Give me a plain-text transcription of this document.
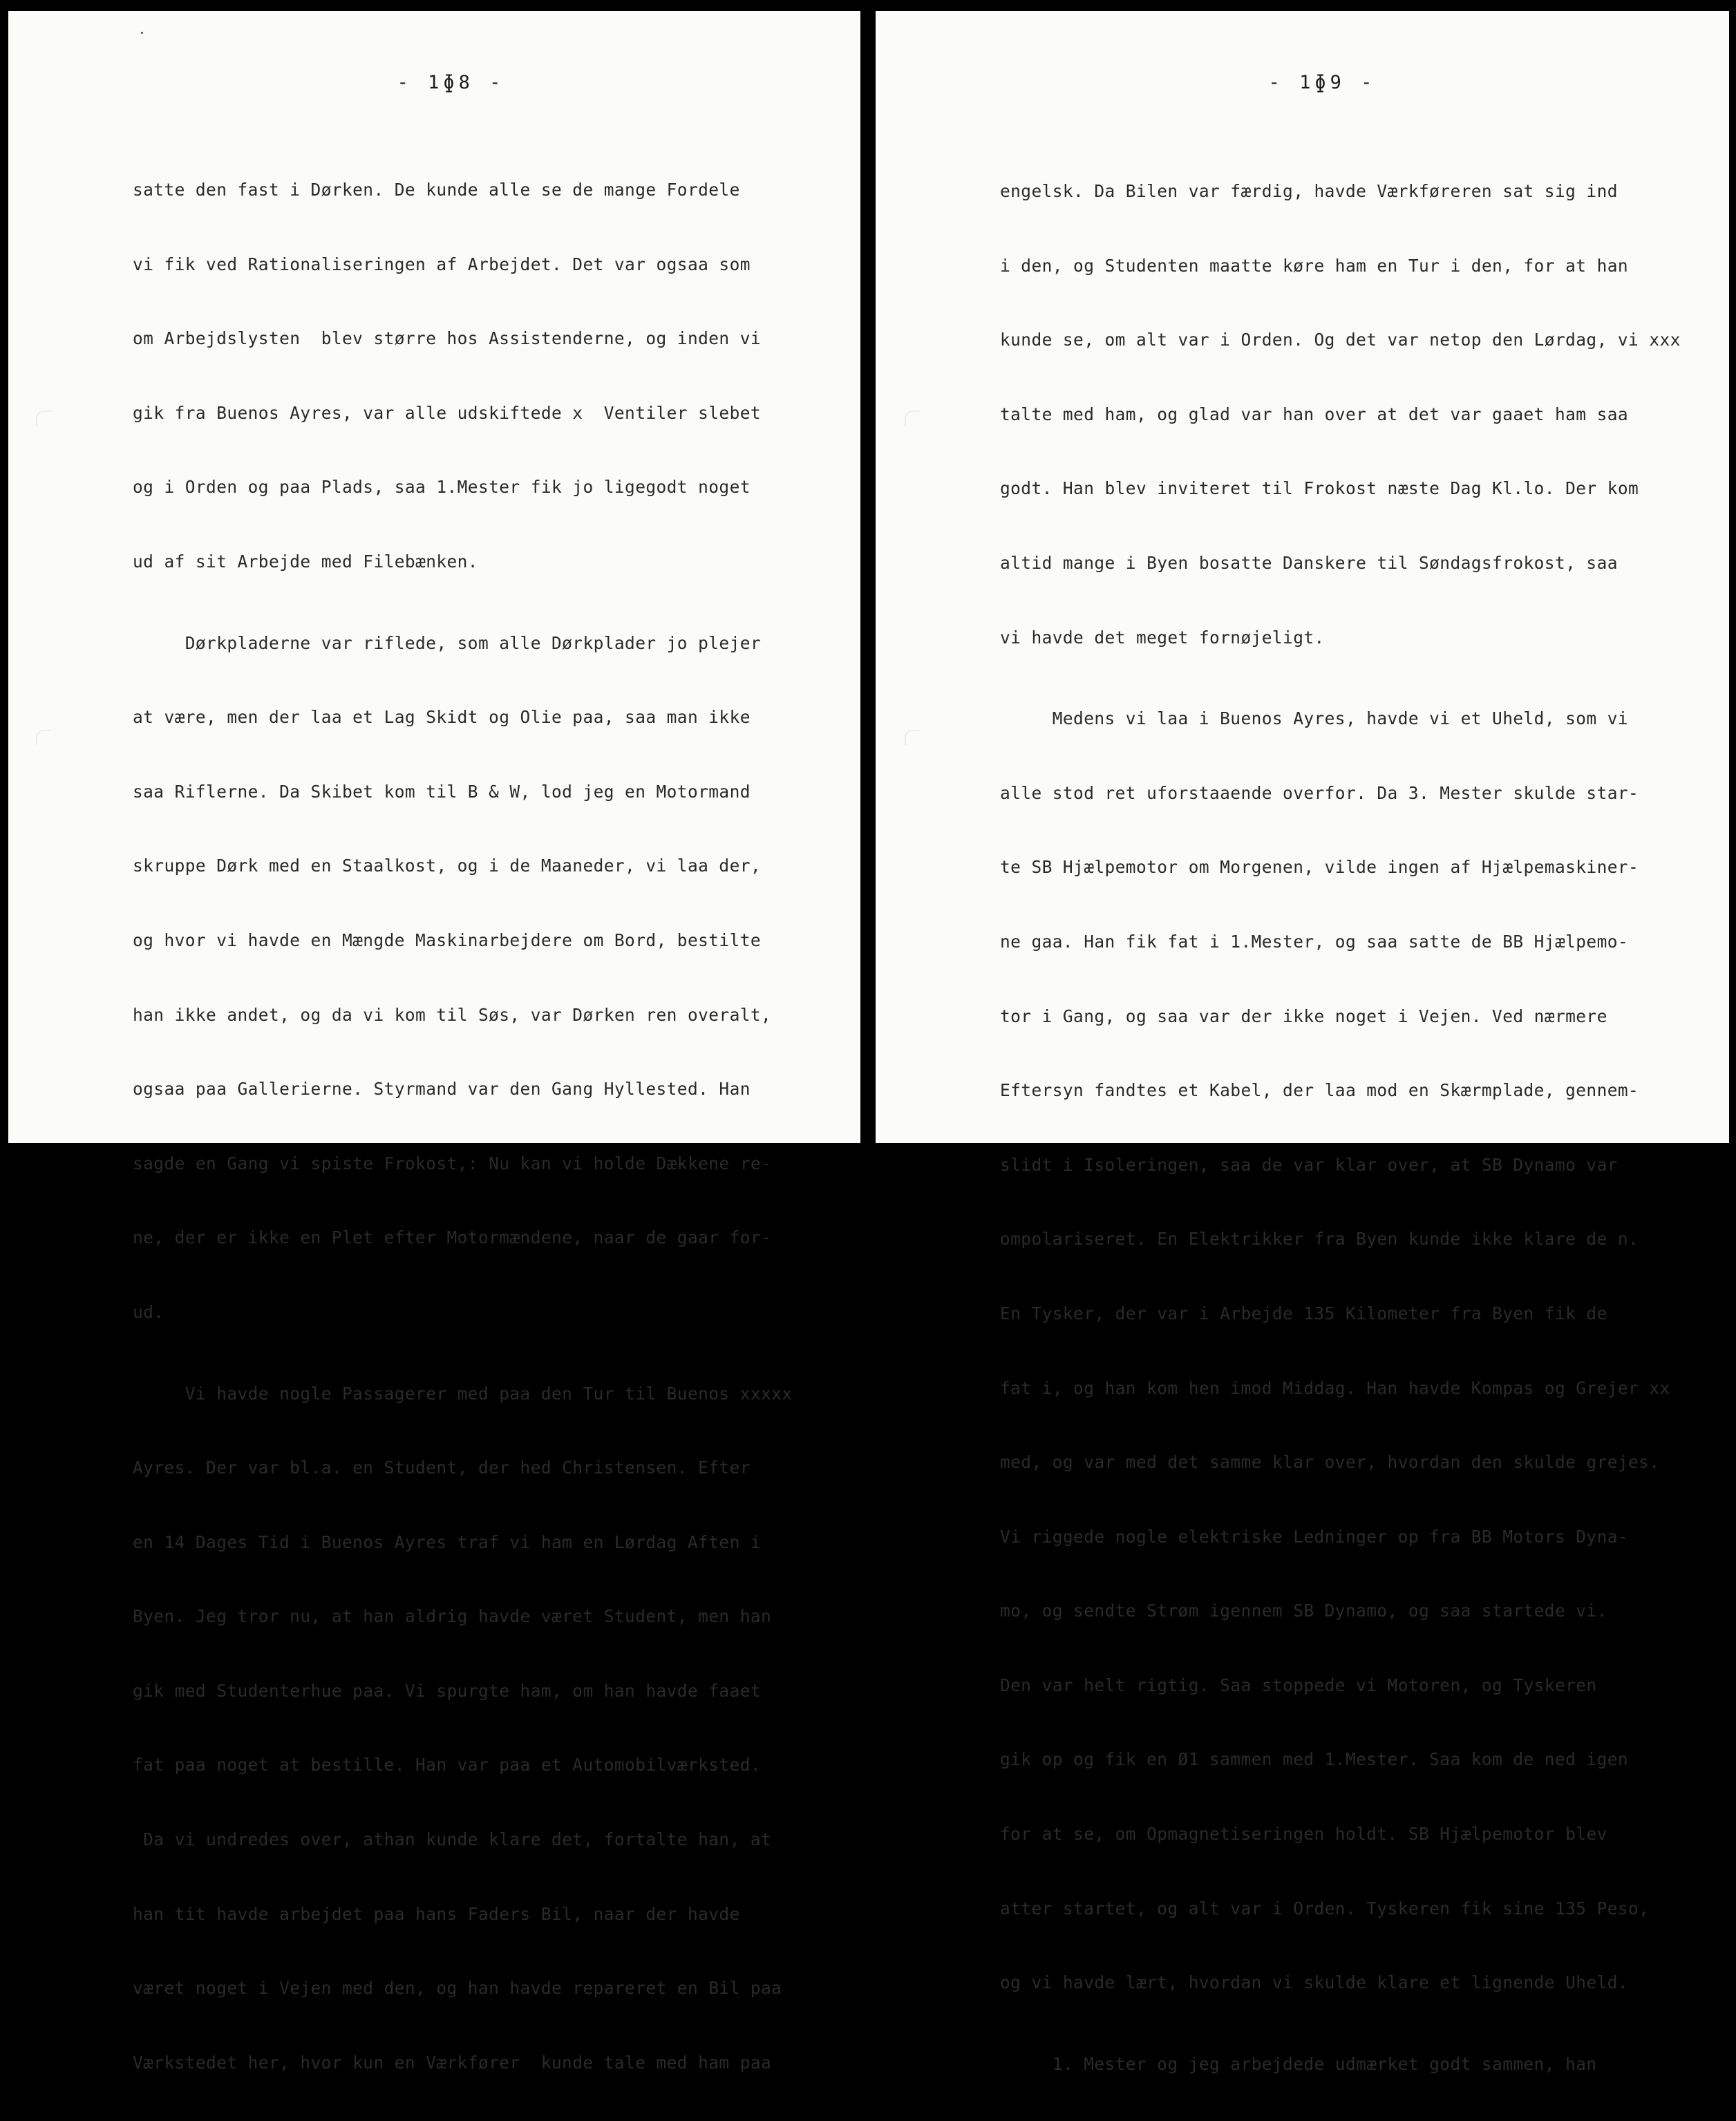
- 1ɸ8 -

satte den fast i Dørken. De kunde alle se de mange Fordele

vi fik ved Rationaliseringen af Arbejdet. Det var ogsaa som

om Arbejdslysten  blev større hos Assistenderne, og inden vi

gik fra Buenos Ayres, var alle udskiftede x  Ventiler slebet

og i Orden og paa Plads, saa 1.Mester fik jo ligegodt noget

ud af sit Arbejde med Filebænken.

Dørkpladerne var riflede, som alle Dørkplader jo plejer

at være, men der laa et Lag Skidt og Olie paa, saa man ikke

saa Riflerne. Da Skibet kom til B & W, lod jeg en Motormand

skruppe Dørk med en Staalkost, og i de Maaneder, vi laa der,

og hvor vi havde en Mængde Maskinarbejdere om Bord, bestilte

han ikke andet, og da vi kom til Søs, var Dørken ren overalt,

ogsaa paa Gallerierne. Styrmand var den Gang Hyllested. Han

sagde en Gang vi spiste Frokost,: Nu kan vi holde Dækkene re-

ne, der er ikke en Plet efter Motormændene, naar de gaar for-

ud.

Vi havde nogle Passagerer med paa den Tur til Buenos xxxxx

Ayres. Der var bl.a. en Student, der hed Christensen. Efter

en 14 Dages Tid i Buenos Ayres traf vi ham en Lørdag Aften i

Byen. Jeg tror nu, at han aldrig havde været Student, men han

gik med Studenterhue paa. Vi spurgte ham, om han havde faaet

fat paa noget at bestille. Han var paa et Automobilværksted.

Da vi undredes over, athan kunde klare det, fortalte han, at

han tit havde arbejdet paa hans Faders Bil, naar der havde

været noget i Vejen med den, og han havde repareret en Bil paa

Værkstedet her, hvor kun en Værkfører  kunde tale med ham paa

- 1ɸ9 -

engelsk. Da Bilen var færdig, havde Værkføreren sat sig ind

i den, og Studenten maatte køre ham en Tur i den, for at han

kunde se, om alt var i Orden. Og det var netop den Lørdag, vi xxx

talte med ham, og glad var han over at det var gaaet ham saa

godt. Han blev inviteret til Frokost næste Dag Kl.lo. Der kom

altid mange i Byen bosatte Danskere til Søndagsfrokost, saa

vi havde det meget fornøjeligt.

Medens vi laa i Buenos Ayres, havde vi et Uheld, som vi

alle stod ret uforstaaende overfor. Da 3. Mester skulde star-

te SB Hjælpemotor om Morgenen, vilde ingen af Hjælpemaskiner-

ne gaa. Han fik fat i 1.Mester, og saa satte de BB Hjælpemo-

tor i Gang, og saa var der ikke noget i Vejen. Ved nærmere

Eftersyn fandtes et Kabel, der laa mod en Skærmplade, gennem-

slidt i Isoleringen, saa de var klar over, at SB Dynamo var

ompolariseret. En Elektrikker fra Byen kunde ikke klare de n.

En Tysker, der var i Arbejde 135 Kilometer fra Byen fik de

fat i, og han kom hen imod Middag. Han havde Kompas og Grejer xx

med, og var med det samme klar over, hvordan den skulde grejes.

Vi riggede nogle elektriske Ledninger op fra BB Motors Dyna-

mo, og sendte Strøm igennem SB Dynamo, og saa startede vi.

Den var helt rigtig. Saa stoppede vi Motoren, og Tyskeren

gik op og fik en Ø1 sammen med 1.Mester. Saa kom de ned igen

for at se, om Opmagnetiseringen holdt. SB Hjælpemotor blev

atter startet, og alt var i Orden. Tyskeren fik sine 135 Peso,

og vi havde lært, hvordan vi skulde klare et lignende Uheld.

1. Mester og jeg arbejdede udmærket godt sammen, han
